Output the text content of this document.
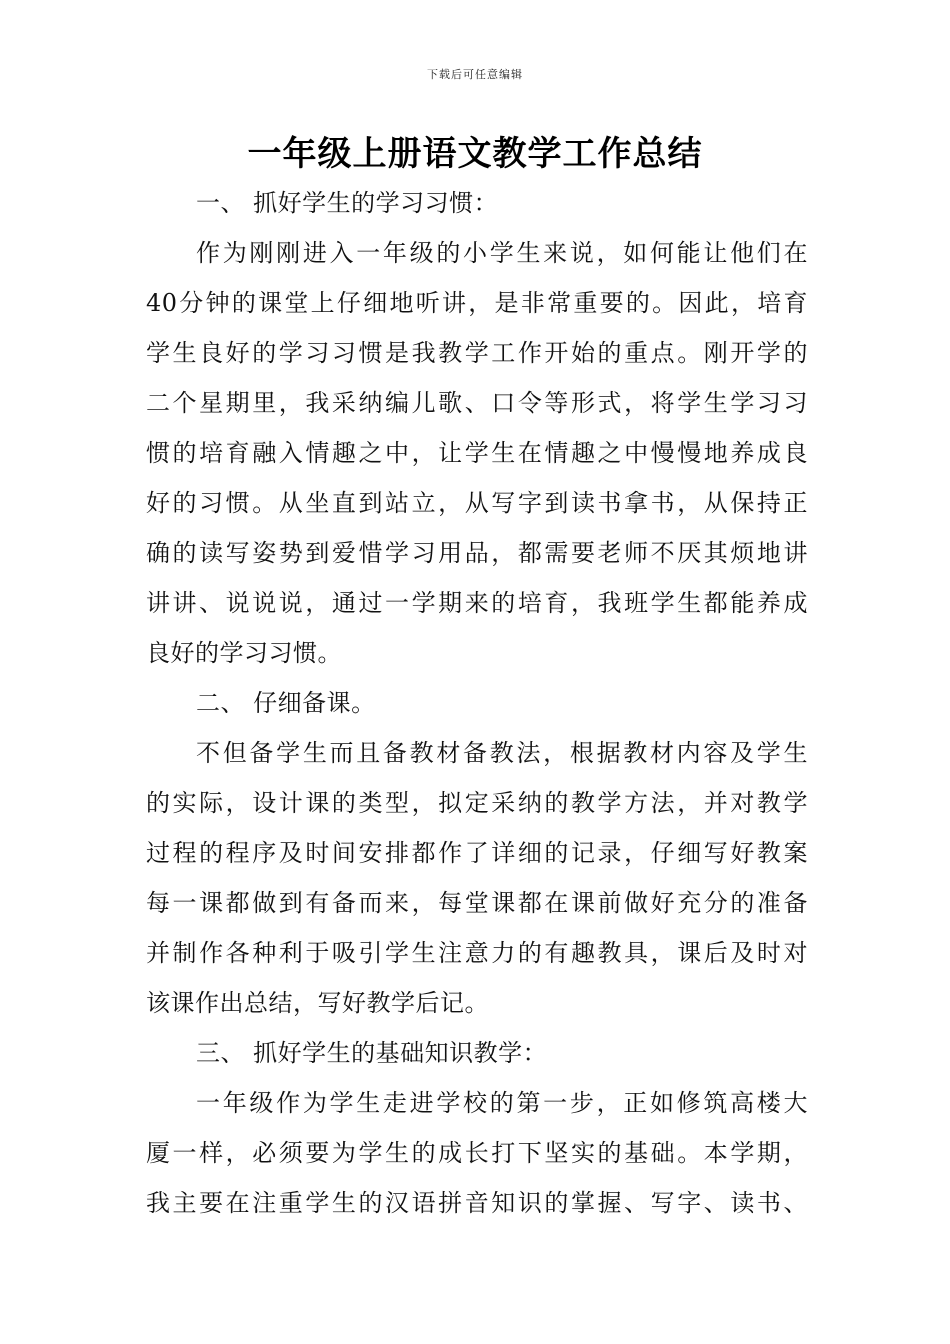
下载后可任意编辑
一年级上册语文教学工作总结
一、 抓好学生的学习习惯：
作为刚刚进入一年级的小学生来说，如何能让他们在
40分钟的课堂上仔细地听讲，是非常重要的。因此，培育
学生良好的学习习惯是我教学工作开始的重点。刚开学的
二个星期里，我采纳编儿歌、口令等形式，将学生学习习
惯的培育融入情趣之中，让学生在情趣之中慢慢地养成良
好的习惯。从坐直到站立，从写字到读书拿书，从保持正
确的读写姿势到爱惜学习用品，都需要老师不厌其烦地讲
讲讲、说说说，通过一学期来的培育，我班学生都能养成
良好的学习习惯。
二、 仔细备课。
不但备学生而且备教材备教法，根据教材内容及学生
的实际，设计课的类型，拟定采纳的教学方法，并对教学
过程的程序及时间安排都作了详细的记录，仔细写好教案
每一课都做到有备而来，每堂课都在课前做好充分的准备
并制作各种利于吸引学生注意力的有趣教具，课后及时对
该课作出总结，写好教学后记。
三、 抓好学生的基础知识教学：
一年级作为学生走进学校的第一步，正如修筑高楼大
厦一样，必须要为学生的成长打下坚实的基础。本学期，
我主要在注重学生的汉语拼音知识的掌握、写字、读书、
